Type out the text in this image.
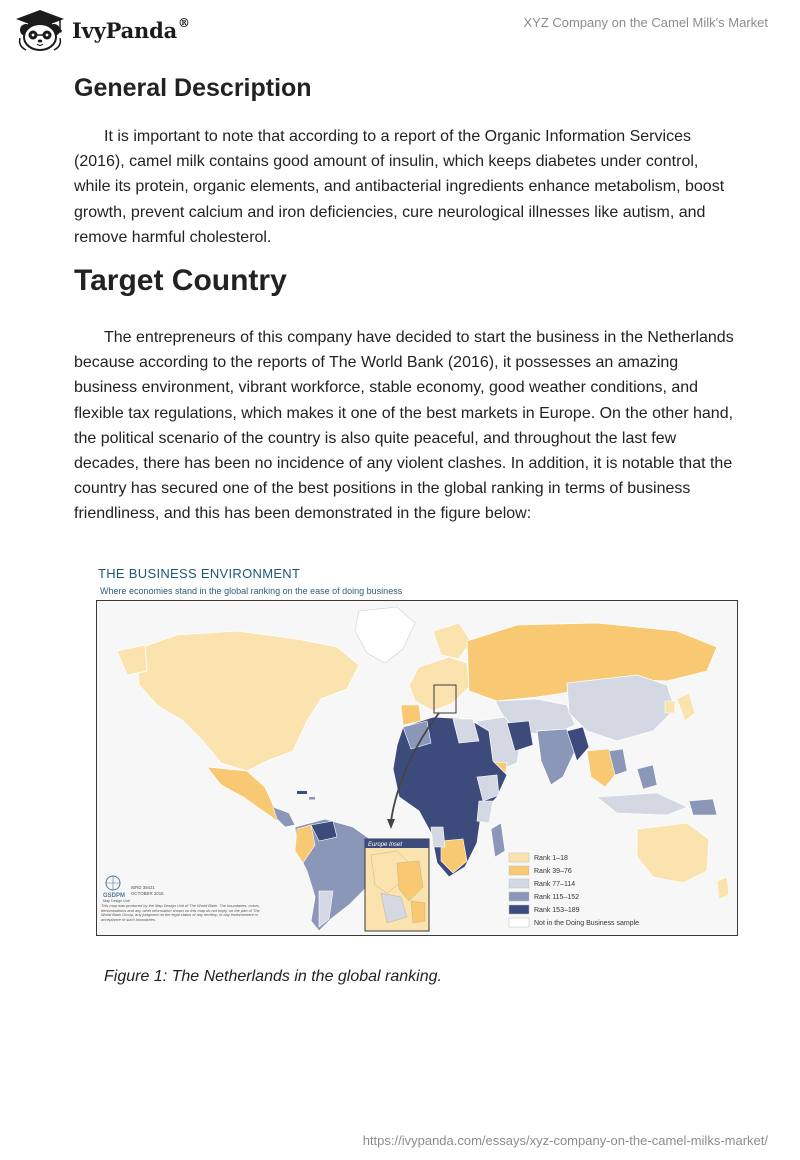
IvyPanda®	XYZ Company on the Camel Milk's Market
General Description

It is important to note that according to a report of the Organic Information Services (2016), camel milk contains good amount of insulin, which keeps diabetes under control, while its protein, organic elements, and antibacterial ingredients enhance metabolism, boost growth, prevent calcium and iron deficiencies, cure neurological illnesses like autism, and remove harmful cholesterol.

Target Country

The entrepreneurs of this company have decided to start the business in the Netherlands because according to the reports of The World Bank (2016), it possesses an amazing business environment, vibrant workforce, stable economy, good weather conditions, and flexible tax regulations, which makes it one of the best markets in Europe. On the other hand, the political scenario of the country is also quite peaceful, and throughout the last few decades, there has been no incidence of any violent clashes. In addition, it is notable that the country has secured one of the best positions in the global ranking in terms of business friendliness, and this has been demonstrated in the figure below:

THE BUSINESS ENVIRONMENT
Where economies stand in the global ranking on the ease of doing business
Europe Inset
GSDPM
Map Design Unit
IBRD 39431
OCTOBER 2016
This map was produced by the Map Design Unit of The World Bank. The boundaries, colors, denominations and any other information shown on this map do not imply, on the part of The World Bank Group, any judgment on the legal status of any territory, or any endorsement or acceptance of such boundaries.
Rank 1–18
Rank 39–76
Rank 77–114
Rank 115–152
Rank 153–189
Not in the Doing Business sample
Figure 1: The Netherlands in the global ranking.
https://ivypanda.com/essays/xyz-company-on-the-camel-milks-market/
